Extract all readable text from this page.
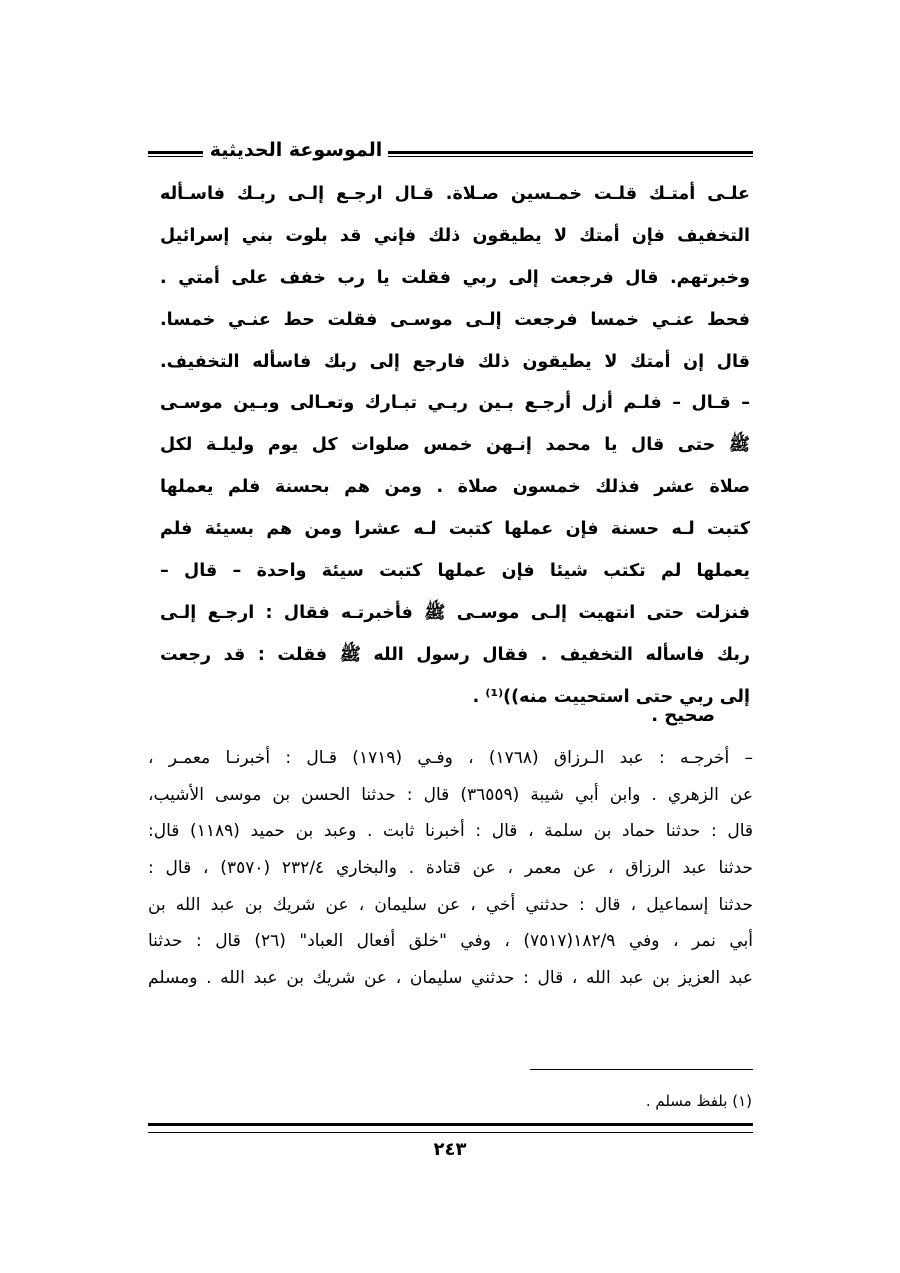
الموسوعة الحديثية
علـى أمتـك قلـت خمـسين صـلاة. قـال ارجـع إلـى ربـك فاسـأله
التخفيف فإن أمتك لا يطيقون ذلك فإني قد بلوت بني إسرائيل
وخبرتهم. قال فرجعت إلى ربي فقلت يا رب خفف على أمتي .
فحط عنـي خمسا فرجعت إلـى موسـى فقلت حط عنـي خمسا.
قال إن أمتك لا يطيقون ذلك فارجع إلى ربك فاسأله التخفيف.
– قـال – فلـم أزل أرجـع بـين ربـي تبـارك وتعـالى وبـين موسـى
ﷺ حتى قال يا محمد إنـهن خمس صلوات كل يوم وليلـة لكل
صلاة عشر فذلك خمسون صلاة . ومن هم بحسنة فلم يعملها
كتبت لـه حسنة فإن عملها كتبت لـه عشرا ومن هم بسيئة فلم
يعملها لم تكتب شيئا فإن عملها كتبت سيئة واحدة – قال –
فنزلت حتى انتهيت إلـى موسـى ﷺ فأخبرتـه فقال : ارجـع إلـى
ربك فاسأله التخفيف . فقال رسول الله ﷺ فقلت : قد رجعت
إلى ربي حتى استحييت منه))⁽¹⁾ .
صحيح .
– أخرجـه : عبد الـرزاق (١٧٦٨) ، وفـي (١٧١٩) قـال : أخبرنـا معمـر ،
عن الزهري . وابن أبي شيبة (٣٦٥٥٩) قال : حدثنا الحسن بن موسى الأشيب،
قال : حدثنا حماد بن سلمة ، قال : أخبرنا ثابت . وعبد بن حميد (١١٨٩) قال:
حدثنا عبد الرزاق ، عن معمر ، عن قتادة . والبخاري ٢٣٢/٤ (٣٥٧٠) ، قال :
حدثنا إسماعيل ، قال : حدثني أخي ، عن سليمان ، عن شريك بن عبد الله بن
أبي نمر ، وفي ١٨٢/٩(٧٥١٧) ، وفي "خلق أفعال العباد" (٢٦) قال : حدثنا
عبد العزيز بن عبد الله ، قال : حدثني سليمان ، عن شريك بن عبد الله . ومسلم
(١) بلفظ مسلم .
٢٤٣
